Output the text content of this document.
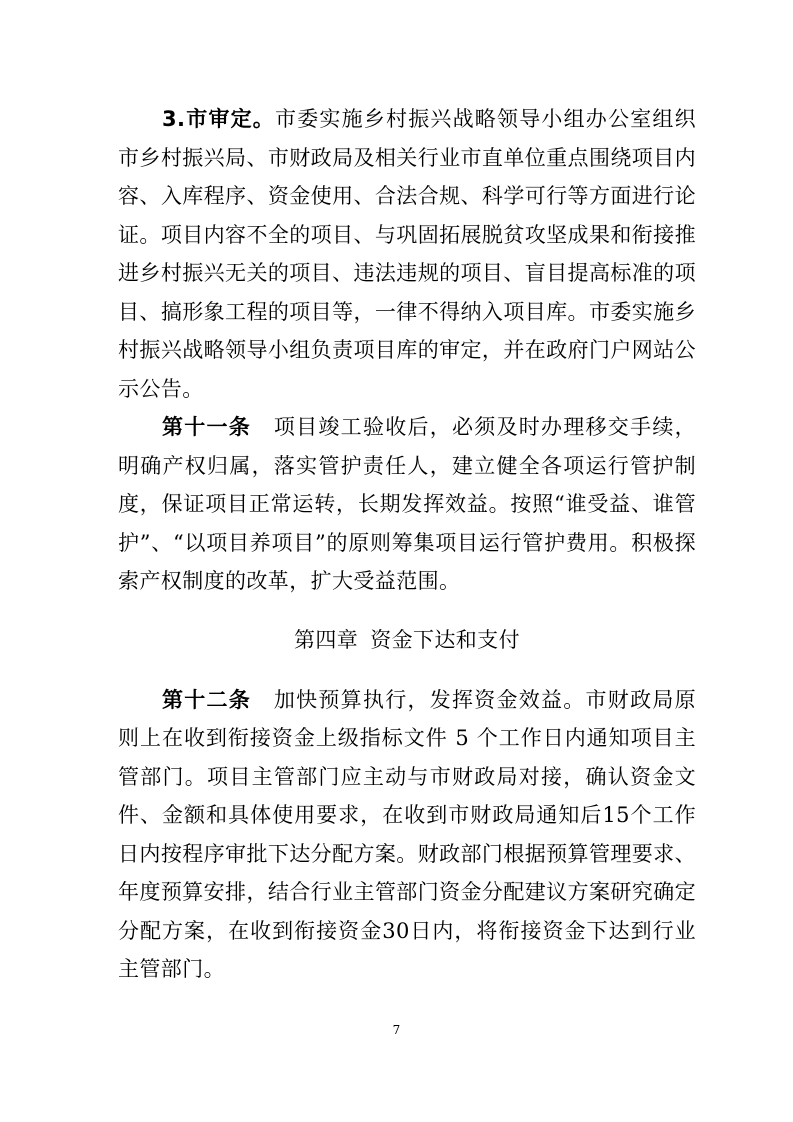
3.市审定。市委实施乡村振兴战略领导小组办公室组织市乡村振兴局、市财政局及相关行业市直单位重点围绕项目内容、入库程序、资金使用、合法合规、科学可行等方面进行论证。项目内容不全的项目、与巩固拓展脱贫攻坚成果和衔接推进乡村振兴无关的项目、违法违规的项目、盲目提高标准的项目、搞形象工程的项目等，一律不得纳入项目库。市委实施乡村振兴战略领导小组负责项目库的审定，并在政府门户网站公示公告。

第十一条 项目竣工验收后，必须及时办理移交手续，明确产权归属，落实管护责任人，建立健全各项运行管护制度，保证项目正常运转，长期发挥效益。按照“谁受益、谁管护”、“以项目养项目”的原则筹集项目运行管护费用。积极探索产权制度的改革，扩大受益范围。

第四章 资金下达和支付

第十二条 加快预算执行，发挥资金效益。市财政局原则上在收到衔接资金上级指标文件 5 个工作日内通知项目主管部门。项目主管部门应主动与市财政局对接，确认资金文件、金额和具体使用要求，在收到市财政局通知后15个工作日内按程序审批下达分配方案。财政部门根据预算管理要求、年度预算安排，结合行业主管部门资金分配建议方案研究确定分配方案，在收到衔接资金30日内，将衔接资金下达到行业主管部门。

7
